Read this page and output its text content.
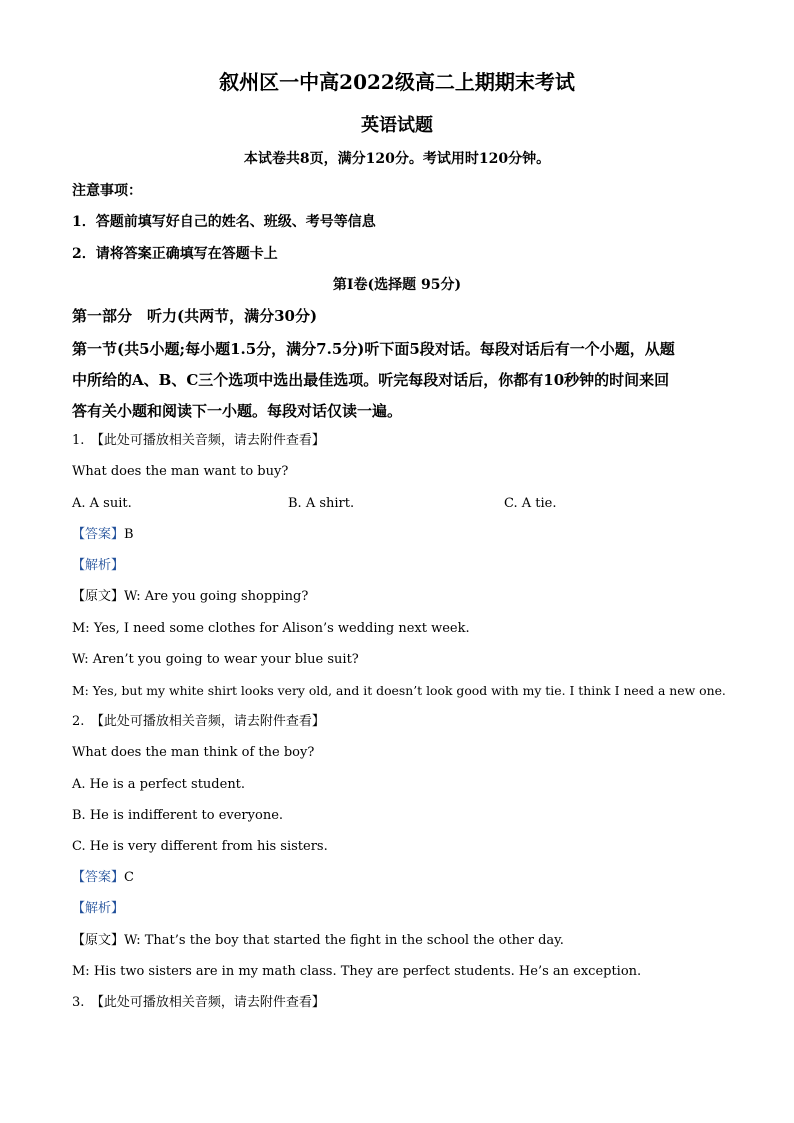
叙州区一中高2022级高二上期期末考试
英语试题
本试卷共8页，满分120分。考试用时120分钟。
注意事项：
1．答题前填写好自己的姓名、班级、考号等信息
2．请将答案正确填写在答题卡上
第I卷(选择题 95分)
第一部分　听力(共两节，满分30分)
第一节(共5小题;每小题1.5分，满分7.5分)听下面5段对话。每段对话后有一个小题，从题
中所给的A、B、C三个选项中选出最佳选项。听完每段对话后，你都有10秒钟的时间来回
答有关小题和阅读下一小题。每段对话仅读一遍。
1.　【此处可播放相关音频，请去附件查看】
What does the man want to buy?
A. A suit.	B. A shirt.	C. A tie.
【答案】B
【解析】
【原文】W: Are you going shopping?
M: Yes, I need some clothes for Alison’s wedding next week.
W: Aren’t you going to wear your blue suit?
M: Yes, but my white shirt looks very old, and it doesn’t look good with my tie. I think I need a new one.
2.　【此处可播放相关音频，请去附件查看】
What does the man think of the boy?
A. He is a perfect student.
B. He is indifferent to everyone.
C. He is very different from his sisters.
【答案】C
【解析】
【原文】W: That’s the boy that started the fight in the school the other day.
M: His two sisters are in my math class. They are perfect students. He’s an exception.
3.　【此处可播放相关音频，请去附件查看】
